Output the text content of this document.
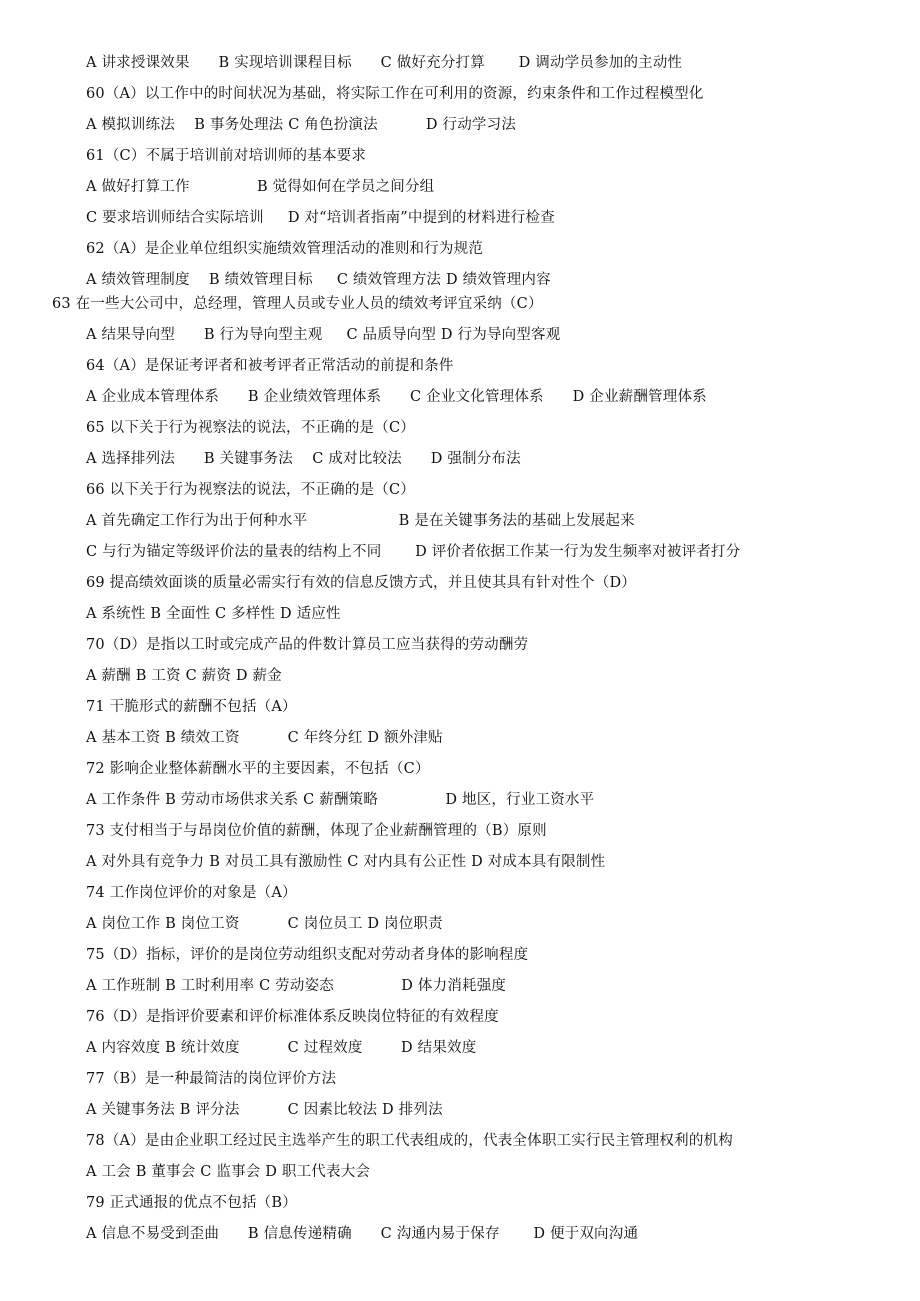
A 讲求授课效果      B 实现培训课程目标      C 做好充分打算       D 调动学员参加的主动性
60（A）以工作中的时间状况为基础，将实际工作在可利用的资源，约束条件和工作过程模型化
A 模拟训练法    B 事务处理法 C 角色扮演法          D 行动学习法
61（C）不属于培训前对培训师的基本要求
A 做好打算工作              B 觉得如何在学员之间分组
C 要求培训师结合实际培训     D 对“培训者指南”中提到的材料进行检查
62（A）是企业单位组织实施绩效管理活动的准则和行为规范
A 绩效管理制度    B 绩效管理目标     C 绩效管理方法 D 绩效管理内容
63 在一些大公司中，总经理，管理人员或专业人员的绩效考评宜采纳（C）
A 结果导向型      B 行为导向型主观     C 品质导向型 D 行为导向型客观
64（A）是保证考评者和被考评者正常活动的前提和条件
A 企业成本管理体系      B 企业绩效管理体系      C 企业文化管理体系      D 企业薪酬管理体系
65 以下关于行为视察法的说法，不正确的是（C）
A 选择排列法      B 关键事务法    C 成对比较法      D 强制分布法
66 以下关于行为视察法的说法，不正确的是（C）
A 首先确定工作行为出于何种水平                   B 是在关键事务法的基础上发展起来
C 与行为锚定等级评价法的量表的结构上不同       D 评价者依据工作某一行为发生频率对被评者打分
69 提高绩效面谈的质量必需实行有效的信息反馈方式，并且使其具有针对性个（D）
A 系统性 B 全面性 C 多样性 D 适应性
70（D）是指以工时或完成产品的件数计算员工应当获得的劳动酬劳
A 薪酬 B 工资 C 薪资 D 薪金
71 干脆形式的薪酬不包括（A）
A 基本工资 B 绩效工资          C 年终分红 D 额外津贴
72 影响企业整体薪酬水平的主要因素，不包括（C）
A 工作条件 B 劳动市场供求关系 C 薪酬策略              D 地区，行业工资水平
73 支付相当于与昂岗位价值的薪酬，体现了企业薪酬管理的（B）原则
A 对外具有竞争力 B 对员工具有激励性 C 对内具有公正性 D 对成本具有限制性
74 工作岗位评价的对象是（A）
A 岗位工作 B 岗位工资          C 岗位员工 D 岗位职责
75（D）指标，评价的是岗位劳动组织支配对劳动者身体的影响程度
A 工作班制 B 工时利用率 C 劳动姿态              D 体力消耗强度
76（D）是指评价要素和评价标准体系反映岗位特征的有效程度
A 内容效度 B 统计效度          C 过程效度        D 结果效度
77（B）是一种最简洁的岗位评价方法
A 关键事务法 B 评分法          C 因素比较法 D 排列法
78（A）是由企业职工经过民主选举产生的职工代表组成的，代表全体职工实行民主管理权利的机构
A 工会 B 董事会 C 监事会 D 职工代表大会
79 正式通报的优点不包括（B）
A 信息不易受到歪曲      B 信息传递精确      C 沟通内易于保存       D 便于双向沟通
